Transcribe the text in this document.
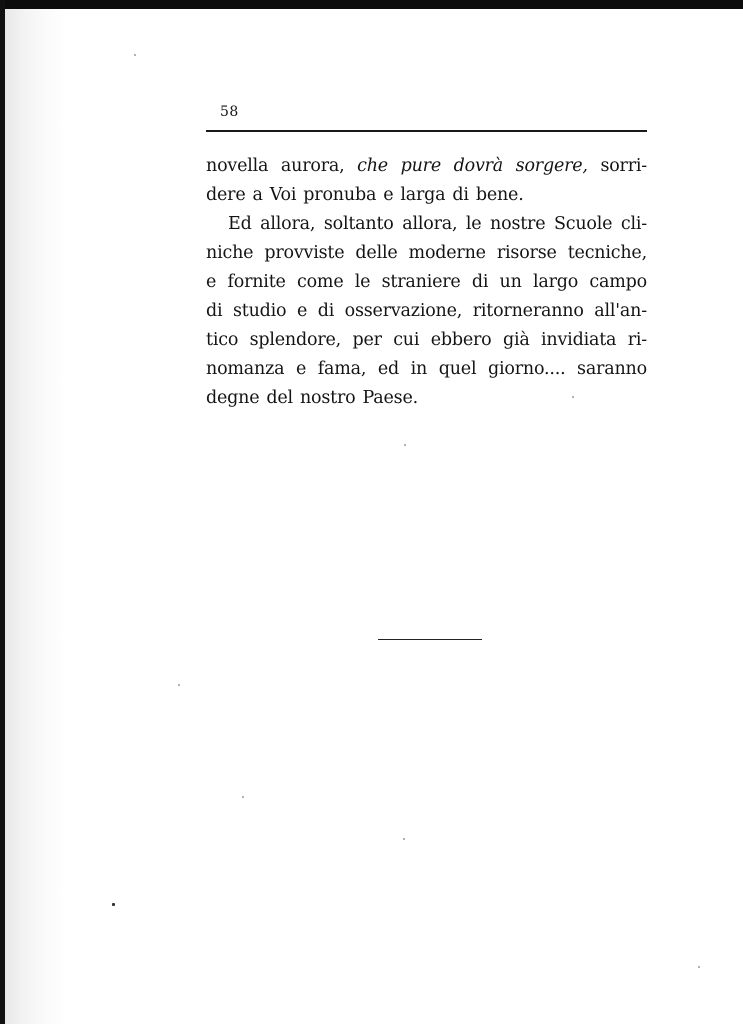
58
novella aurora, che pure dovrà sorgere, sorri-
dere a Voi pronuba e larga di bene.
Ed allora, soltanto allora, le nostre Scuole cli-
niche provviste delle moderne risorse tecniche,
e fornite come le straniere di un largo campo
di studio e di osservazione, ritorneranno all'an-
tico splendore, per cui ebbero già invidiata ri-
nomanza e fama, ed in quel giorno.... saranno
degne del nostro Paese.
